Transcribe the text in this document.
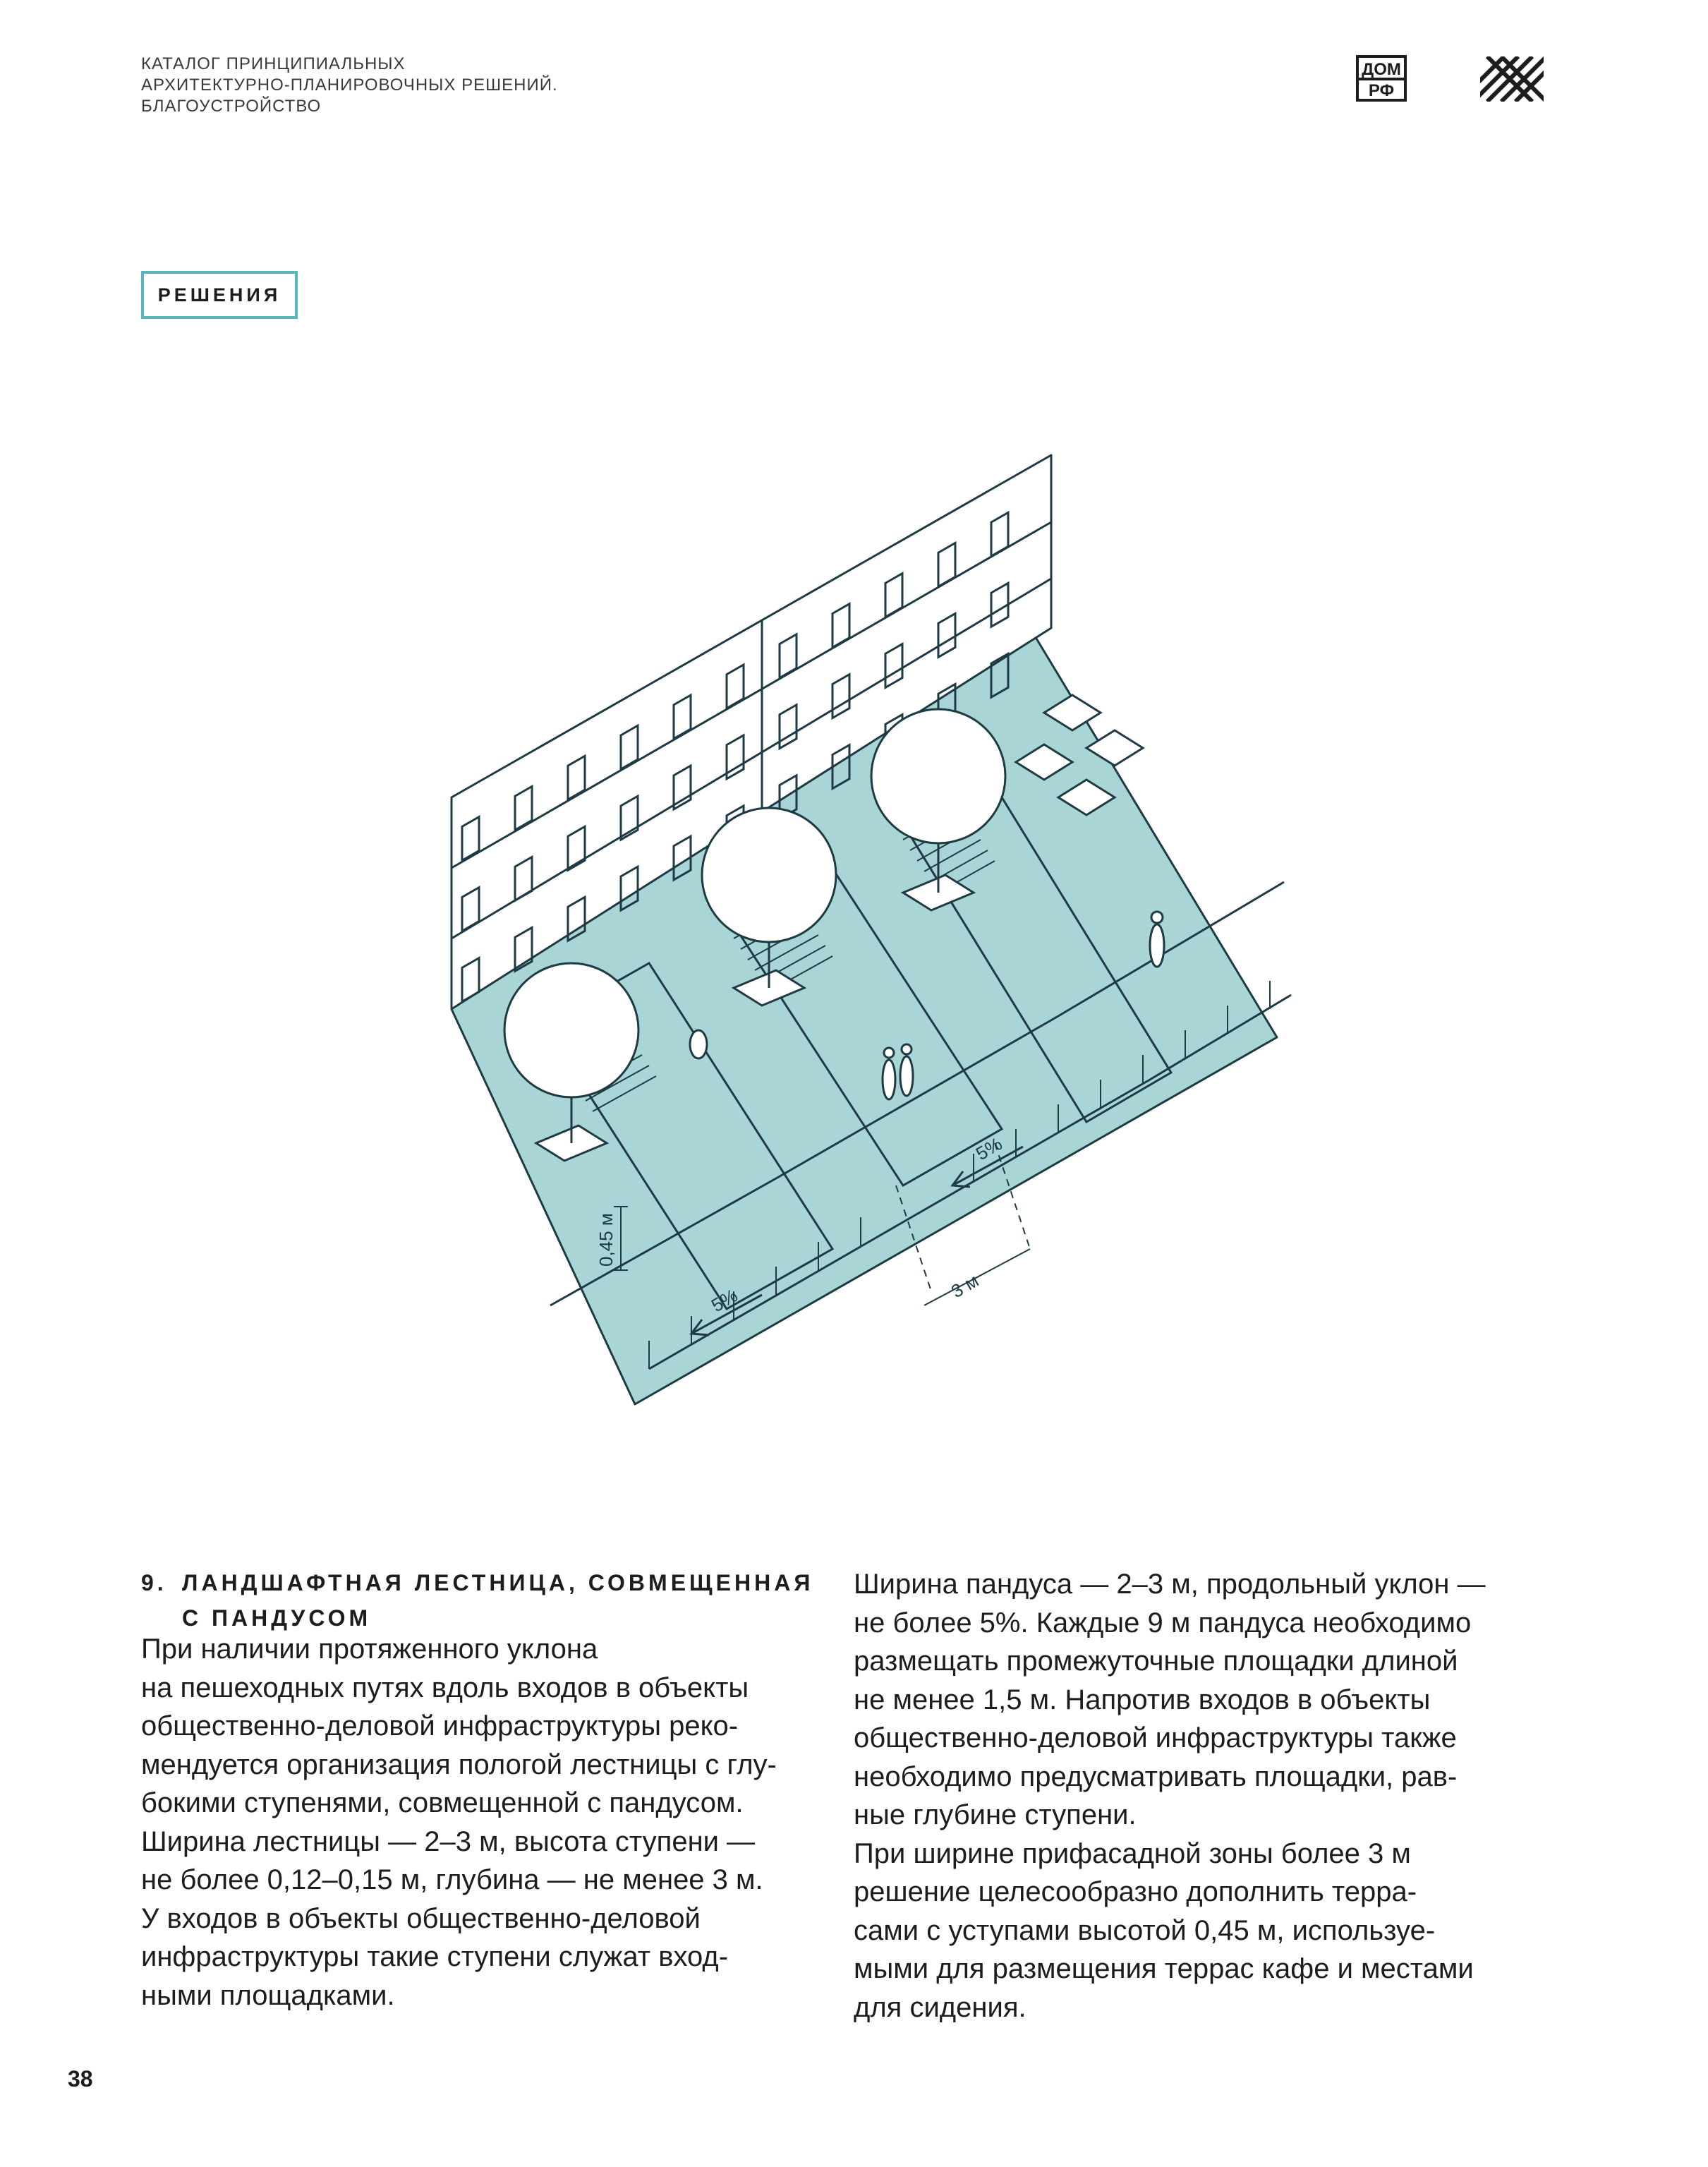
КАТАЛОГ ПРИНЦИПИАЛЬНЫХ
АРХИТЕКТУРНО-ПЛАНИРОВОЧНЫХ РЕШЕНИЙ.
БЛАГОУСТРОЙСТВО
ДОМ
РФ
РЕШЕНИЯ
0,45 м
5%
5%
3 м
9. ЛАНДШАФТНАЯ ЛЕСТНИЦА, СОВМЕЩЕННАЯ
С ПАНДУСОМ
При наличии протяженного уклона
на пешеходных путях вдоль входов в объекты
общественно-деловой инфраструктуры реко-
мендуется организация пологой лестницы с глу-
бокими ступенями, совмещенной с пандусом.
Ширина лестницы — 2–3 м, высота ступени —
не более 0,12–0,15 м, глубина — не менее 3 м.
У входов в объекты общественно-деловой
инфраструктуры такие ступени служат вход-
ными площадками.
Ширина пандуса — 2–3 м, продольный уклон —
не более 5%. Каждые 9 м пандуса необходимо
размещать промежуточные площадки длиной
не менее 1,5 м. Напротив входов в объекты
общественно-деловой инфраструктуры также
необходимо предусматривать площадки, рав-
ные глубине ступени.
При ширине прифасадной зоны более 3 м
решение целесообразно дополнить терра-
сами с уступами высотой 0,45 м, используе-
мыми для размещения террас кафе и местами
для сидения.
38
